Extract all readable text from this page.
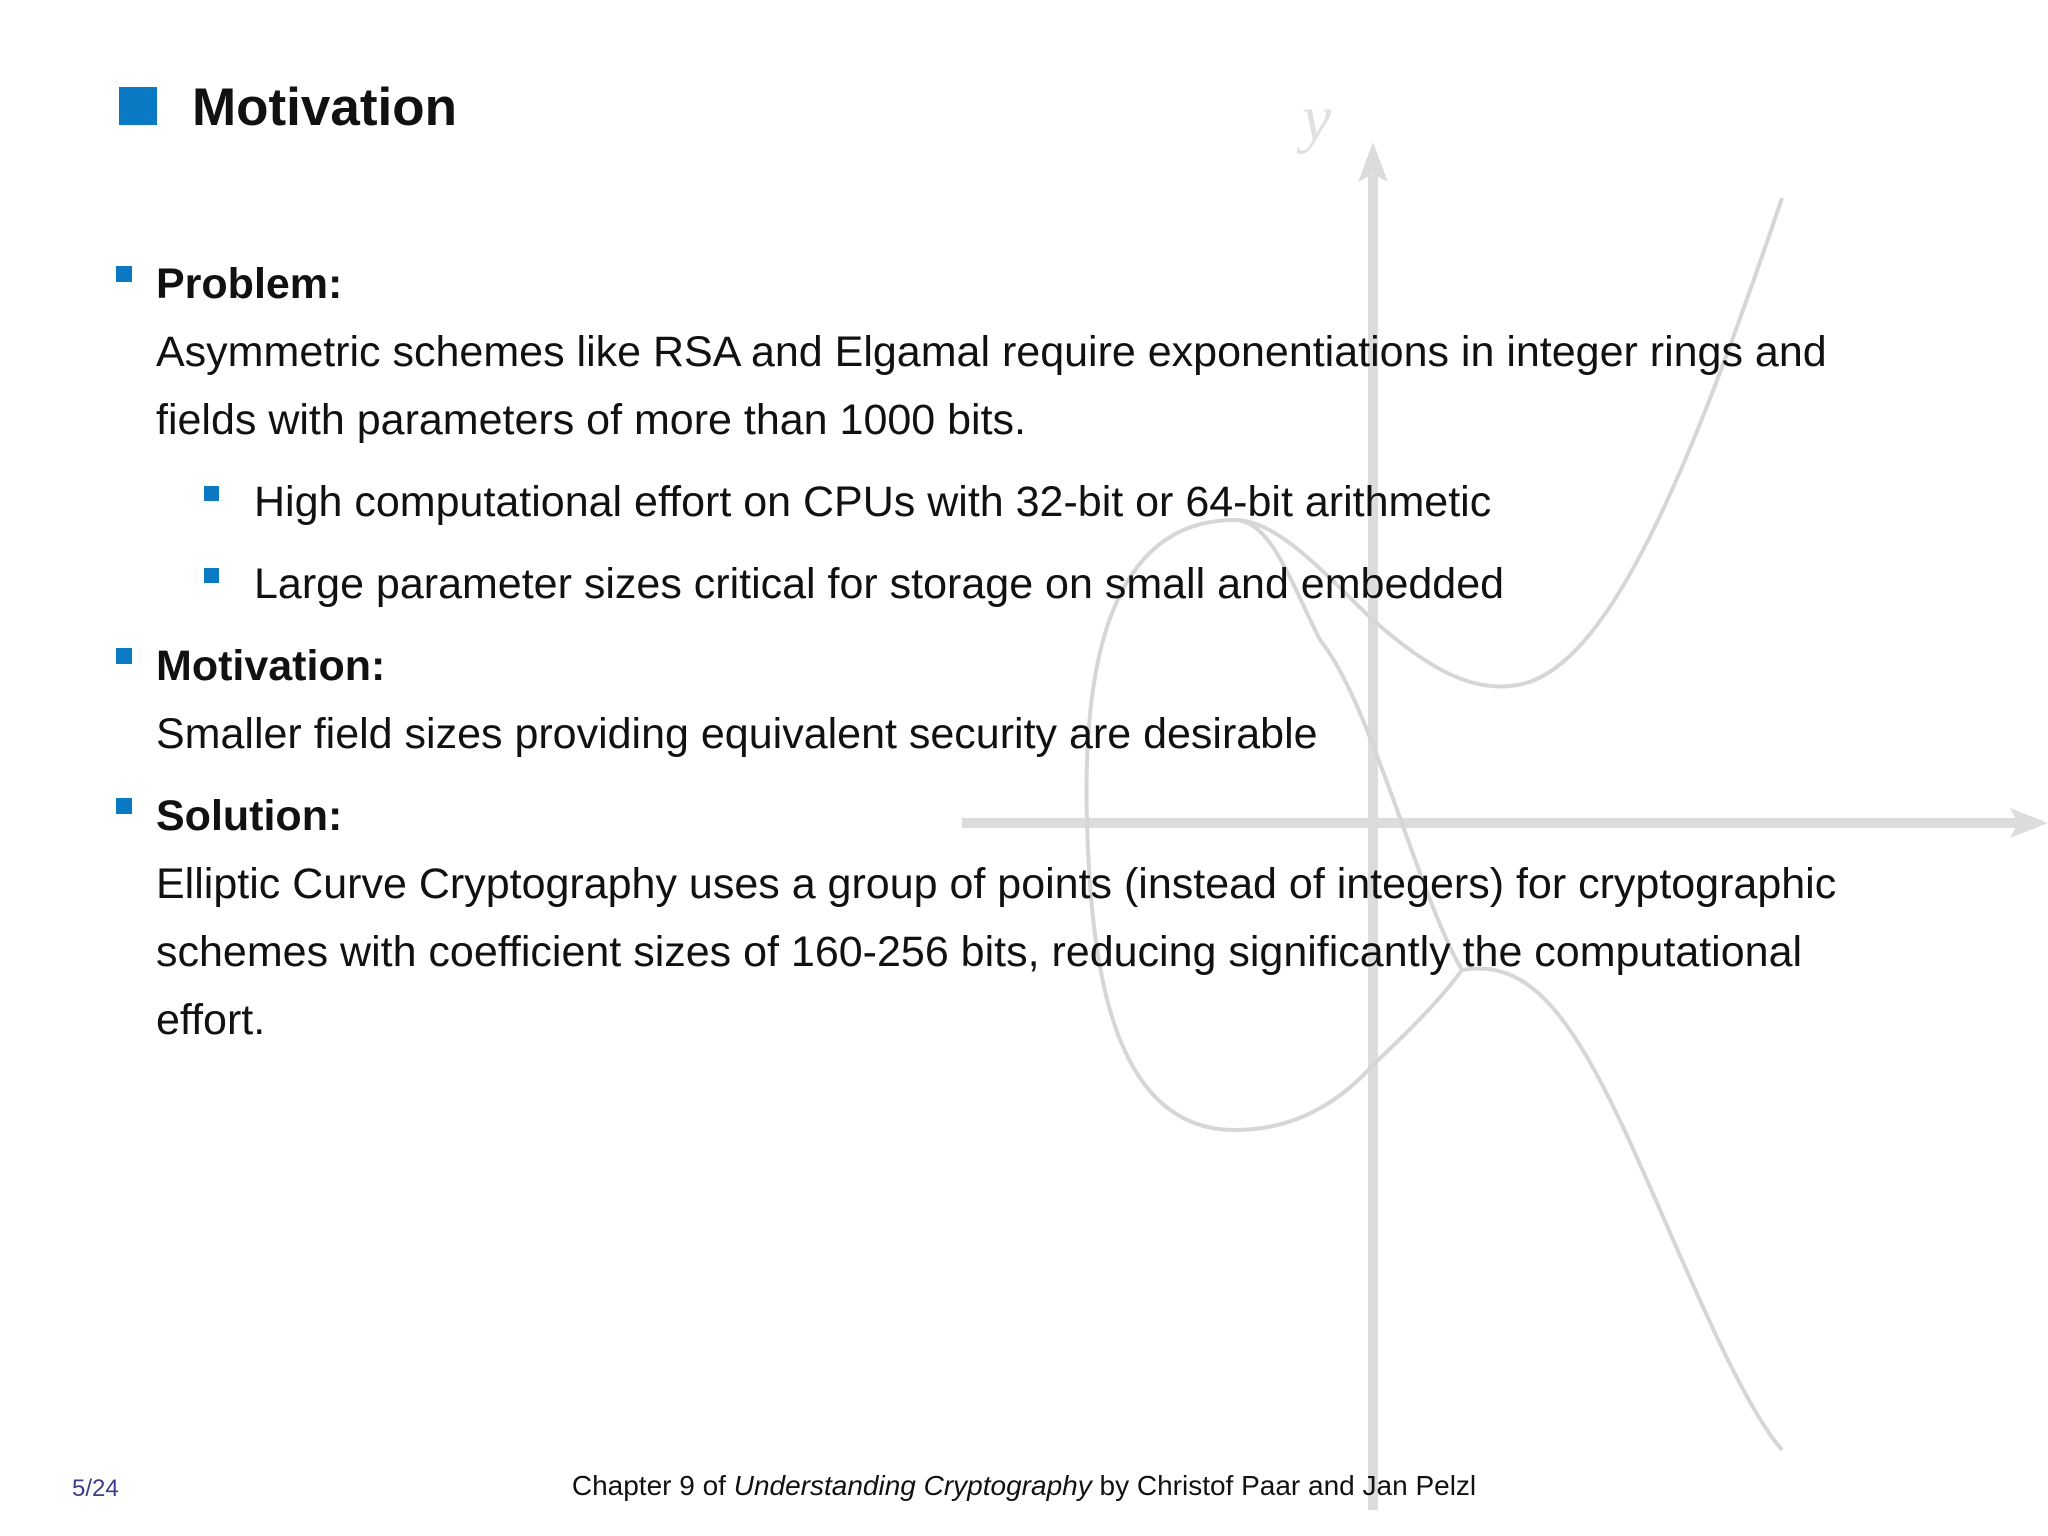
y
Motivation

Problem:

Asymmetric schemes like RSA and Elgamal require exponentiations in integer rings and

fields with parameters of more than 1000 bits.

High computational effort on CPUs with 32-bit or 64-bit arithmetic
Large parameter sizes critical for storage on small and embedded

Motivation:

Smaller field sizes providing equivalent security are desirable

Solution:

Elliptic Curve Cryptography uses a group of points (instead of integers) for cryptographic

schemes with coefficient sizes of 160-256 bits, reducing significantly the computational

effort.

5/24	Chapter 9 of Understanding Cryptography by Christof Paar and Jan Pelzl
